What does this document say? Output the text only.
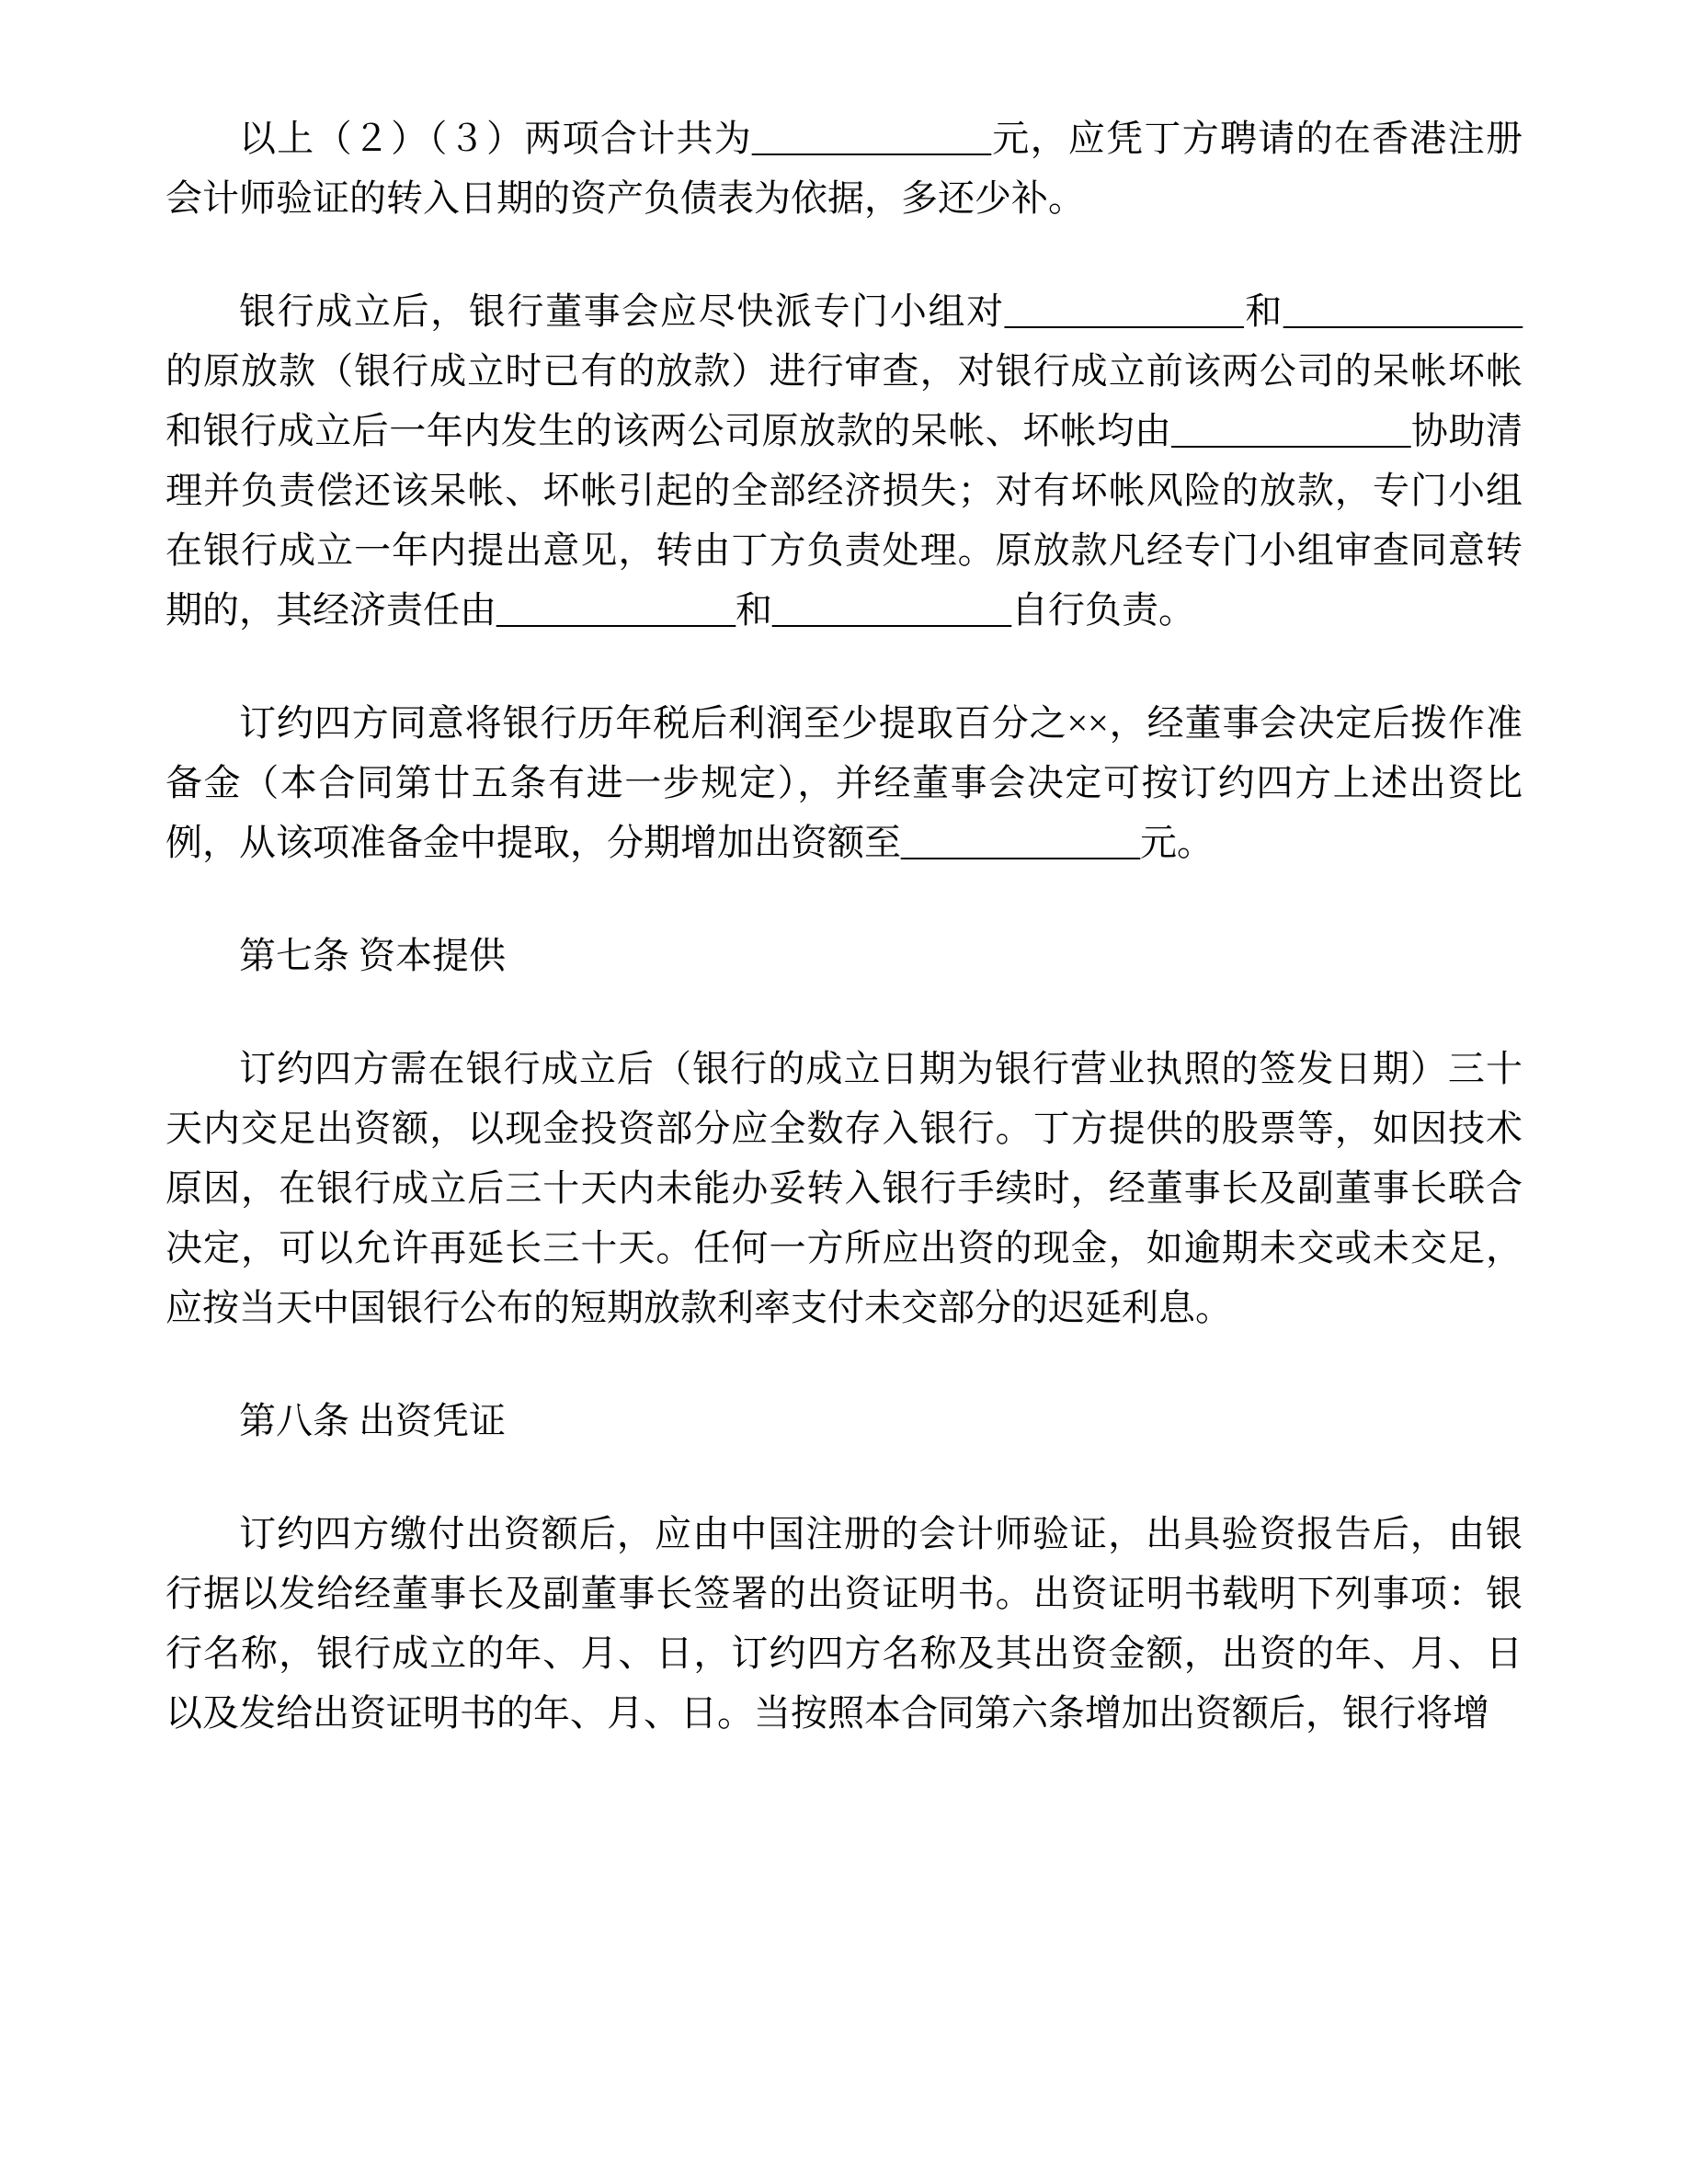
以上（２）（３）两项合计共为_____________元，应凭丁方聘请的在香港注册会计师验证的转入日期的资产负债表为依据，多还少补。

银行成立后，银行董事会应尽快派专门小组对_____________和_____________的原放款（银行成立时已有的放款）进行审查，对银行成立前该两公司的呆帐坏帐和银行成立后一年内发生的该两公司原放款的呆帐、坏帐均由_____________协助清理并负责偿还该呆帐、坏帐引起的全部经济损失；对有坏帐风险的放款，专门小组在银行成立一年内提出意见，转由丁方负责处理。原放款凡经专门小组审查同意转期的，其经济责任由_____________和_____________自行负责。

订约四方同意将银行历年税后利润至少提取百分之××，经董事会决定后拨作准备金（本合同第廿五条有进一步规定），并经董事会决定可按订约四方上述出资比例，从该项准备金中提取，分期增加出资额至_____________元。

第七条 资本提供

订约四方需在银行成立后（银行的成立日期为银行营业执照的签发日期）三十天内交足出资额，以现金投资部分应全数存入银行。丁方提供的股票等，如因技术原因，在银行成立后三十天内未能办妥转入银行手续时，经董事长及副董事长联合决定，可以允许再延长三十天。任何一方所应出资的现金，如逾期未交或未交足，应按当天中国银行公布的短期放款利率支付未交部分的迟延利息。

第八条 出资凭证

订约四方缴付出资额后，应由中国注册的会计师验证，出具验资报告后，由银行据以发给经董事长及副董事长签署的出资证明书。出资证明书载明下列事项：银行名称，银行成立的年、月、日，订约四方名称及其出资金额，出资的年、月、日以及发给出资证明书的年、月、日。当按照本合同第六条增加出资额后，银行将增
